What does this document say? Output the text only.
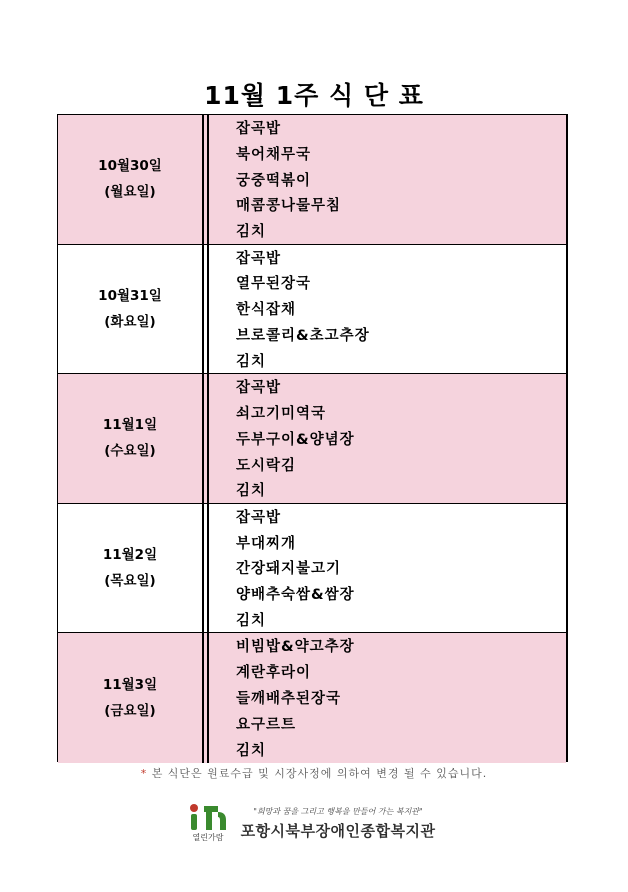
11월 1주 식 단 표
10월30일
(월요일)
잡곡밥
북어채무국
궁중떡볶이
매콤콩나물무침
김치
10월31일
(화요일)
잡곡밥
열무된장국
한식잡채
브로콜리&초고추장
김치
11월1일
(수요일)
잡곡밥
쇠고기미역국
두부구이&양념장
도시락김
김치
11월2일
(목요일)
잡곡밥
부대찌개
간장돼지불고기
양배추숙쌈&쌈장
김치
11월3일
(금요일)
비빔밥&약고추장
계란후라이
들깨배추된장국
요구르트
김치
* 본 식단은 원료수급 및 시장사정에 의하여 변경 될 수 있습니다.
열린가람
"희망과 꿈을 그리고 행복을 만들어 가는 복지관"
포항시북부장애인종합복지관
